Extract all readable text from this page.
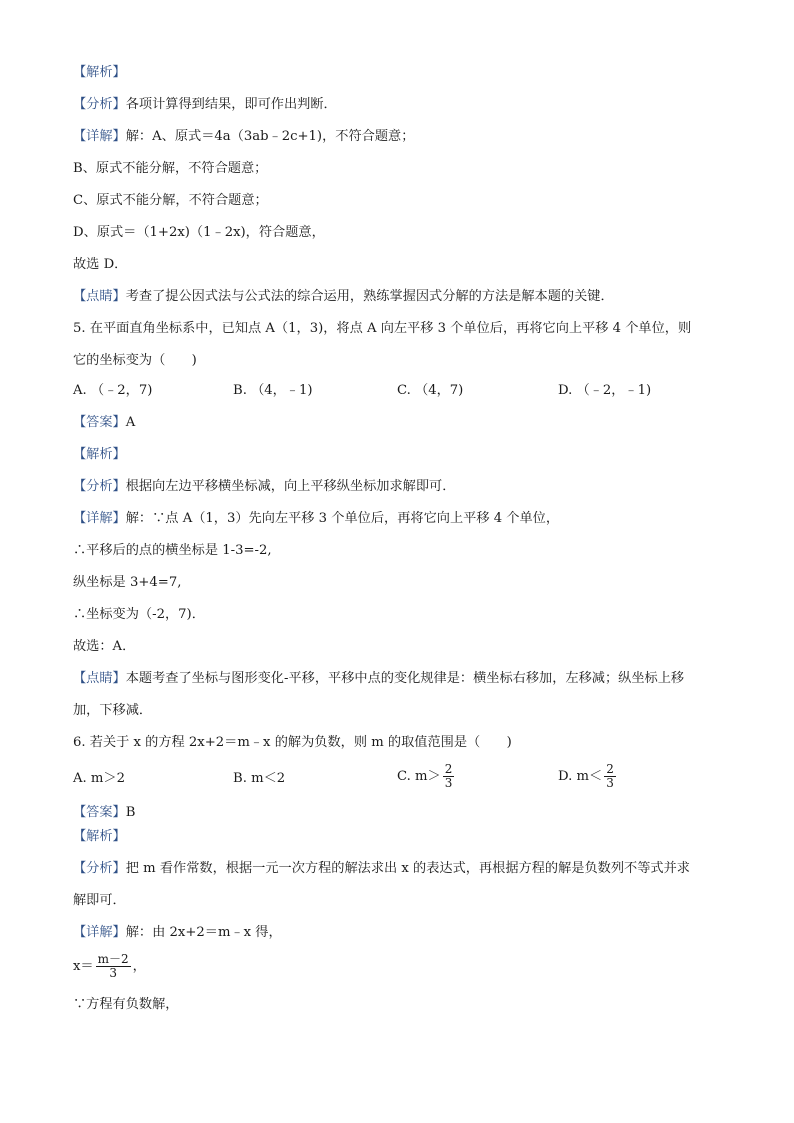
【解析】
【分析】各项计算得到结果，即可作出判断．
【详解】解：A、原式＝4a（3ab﹣2c+1)，不符合题意；
B、原式不能分解，不符合题意；
C、原式不能分解，不符合题意；
D、原式＝（1+2x)（1﹣2x)，符合题意，
故选 D．
【点睛】考查了提公因式法与公式法的综合运用，熟练掌握因式分解的方法是解本题的关键．
5. 在平面直角坐标系中，已知点 A（1，3)，将点 A 向左平移 3 个单位后，再将它向上平移 4 个单位，则
它的坐标变为（　　)
A. （﹣2，7)	B. （4，﹣1)	C. （4，7)	D. （﹣2，﹣1)
【答案】A
【解析】
【分析】根据向左边平移横坐标减，向上平移纵坐标加求解即可．
【详解】解：∵点 A（1，3）先向左平移 3 个单位后，再将它向上平移 4 个单位，
∴平移后的点的横坐标是 1-3=-2,
纵坐标是 3+4=7,
∴坐标变为（-2，7)．
故选：A．
【点睛】本题考查了坐标与图形变化-平移，平移中点的变化规律是：横坐标右移加，左移减；纵坐标上移
加，下移减．
6. 若关于 x 的方程 2x+2＝m﹣x 的解为负数，则 m 的取值范围是（　　)
A. m＞2	B. m＜2	C. $m> \frac{2}{3}$	D. $m< \frac{2}{3}$
【答案】B
【解析】
【分析】把 m 看作常数，根据一元一次方程的解法求出 x 的表达式，再根据方程的解是负数列不等式并求
解即可．
【详解】解：由 2x+2＝m﹣x 得，
$x= \frac{m-2}{3}$ ，
∵方程有负数解，
